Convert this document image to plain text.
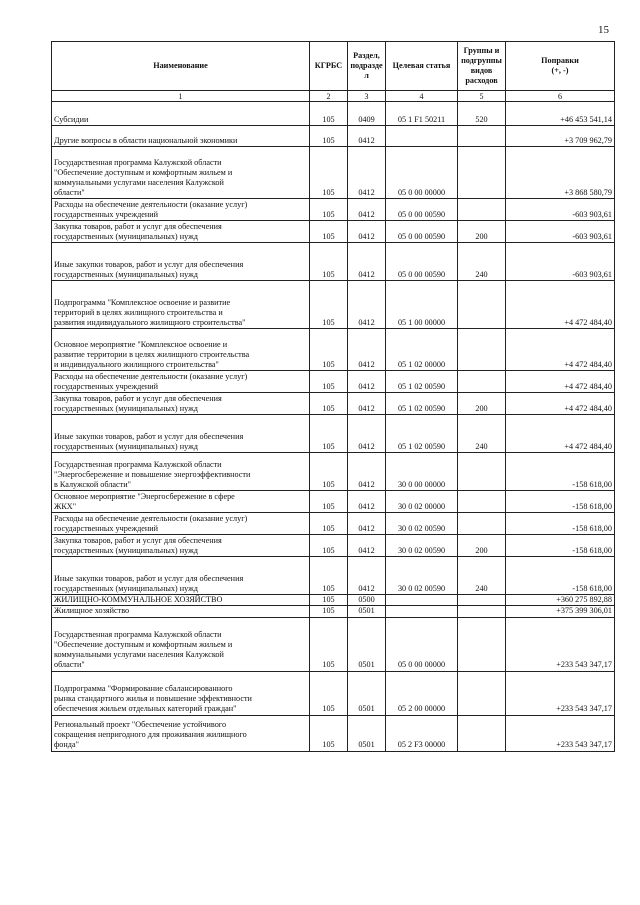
15
Наименование	КГРБС	Раздел,
подразде
л	Целевая статья	Группы и
подгруппы
видов
расходов	Поправки
(+, -)
1	2	3	4	5	6

Субсидии	105	0409	05 1 F1 50211	520	+46 453 541,14

Другие вопросы в области национальной экономики	105	0412			+3 709 962,79
Государственная программа Калужской области
"Обеспечение доступным и комфортным жильем и
коммунальными услугами населения Калужской
области"	105	0412	05 0 00 00000		+3 868 580,79
Расходы на обеспечение деятельности (оказание услуг)
государственных учреждений	105	0412	05 0 00 00590		-603 903,61
Закупка товаров, работ и услуг для обеспечения
государственных (муниципальных) нужд	105	0412	05 0 00 00590	200	-603 903,61

Иные закупки товаров, работ и услуг для обеспечения
государственных (муниципальных) нужд	105	0412	05 0 00 00590	240	-603 903,61

Подпрограмма "Комплексное освоение и развитие
территорий в целях жилищного строительства и
развития индивидуального жилищного строительства"	105	0412	05 1 00 00000		+4 472 484,40

Основное мероприятие "Комплексное освоение и
развитие территории в целях жилищного строительства
и индивидуального жилищного строительства"	105	0412	05 1 02 00000		+4 472 484,40
Расходы на обеспечение деятельности (оказание услуг)
государственных учреждений	105	0412	05 1 02 00590		+4 472 484,40
Закупка товаров, работ и услуг для обеспечения
государственных (муниципальных) нужд	105	0412	05 1 02 00590	200	+4 472 484,40

Иные закупки товаров, работ и услуг для обеспечения
государственных (муниципальных) нужд	105	0412	05 1 02 00590	240	+4 472 484,40
Государственная программа Калужской области
"Энергосбережение и повышение энергоэффективности
в Калужской области"	105	0412	30 0 00 00000		-158 618,00
Основное мероприятие "Энергосбережение в сфере
ЖКХ"	105	0412	30 0 02 00000		-158 618,00
Расходы на обеспечение деятельности (оказание услуг)
государственных учреждений	105	0412	30 0 02 00590		-158 618,00
Закупка товаров, работ и услуг для обеспечения
государственных (муниципальных) нужд	105	0412	30 0 02 00590	200	-158 618,00

Иные закупки товаров, работ и услуг для обеспечения
государственных (муниципальных) нужд	105	0412	30 0 02 00590	240	-158 618,00
ЖИЛИЩНО-КОММУНАЛЬНОЕ ХОЗЯЙСТВО	105	0500			+360 275 892,88
Жилищное хозяйство	105	0501			+375 399 306,01
Государственная программа Калужской области
"Обеспечение доступным и комфортным жильем и
коммунальными услугами населения Калужской
области"	105	0501	05 0 00 00000		+233 543 347,17

Подпрограмма "Формирование сбалансированного
рынка стандартного жилья и повышение эффективности
обеспечения жильем отдельных категорий граждан"	105	0501	05 2 00 00000		+233 543 347,17
Региональный проект "Обеспечение устойчивого
сокращения непригодного для проживания жилищного
фонда"	105	0501	05 2 F3 00000		+233 543 347,17
